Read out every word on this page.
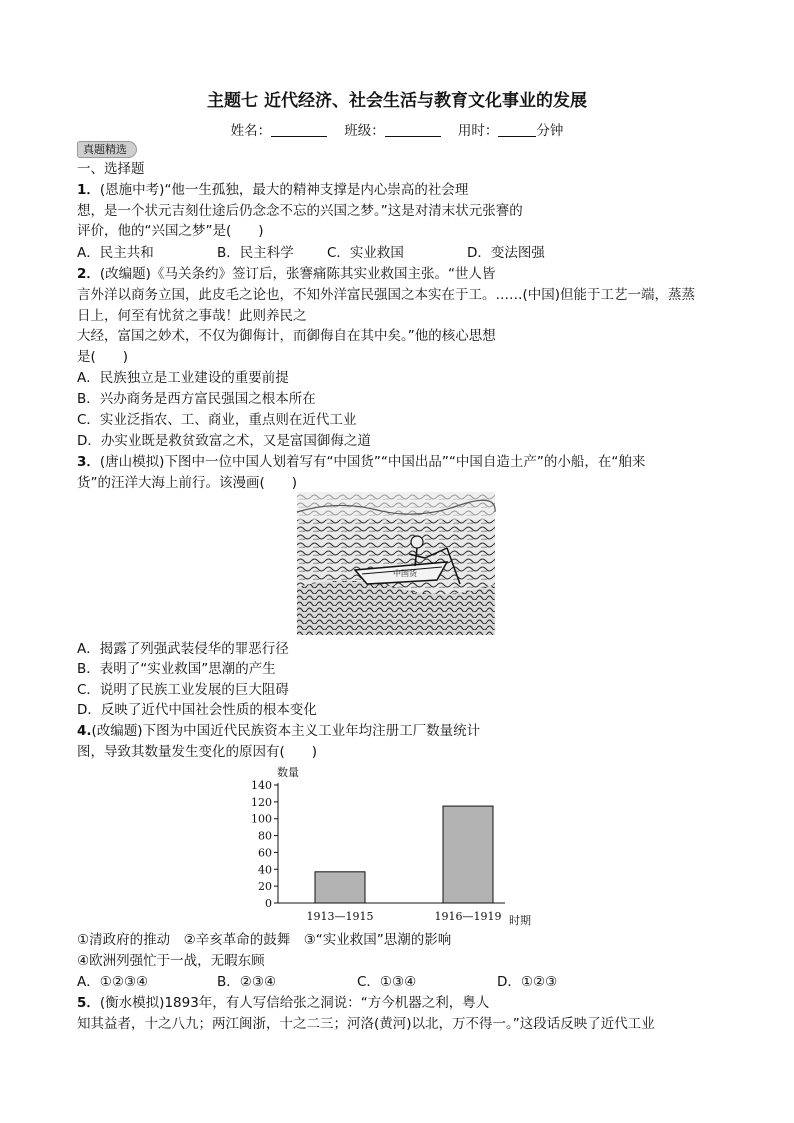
主题七 近代经济、社会生活与教育文化事业的发展
姓名：	班级：	用时：	分钟
真题精选
一、选择题
1．(恩施中考)“他一生孤独，最大的精神支撑是内心崇高的社会理
想，是一个状元吉刻仕途后仍念念不忘的兴国之梦。”这是对清末状元张謇的
评价，他的“兴国之梦”是(　　)
A．民主共和	B．民主科学 C．实业救国	D．变法图强
2．(改编题)《马关条约》签订后，张謇痛陈其实业救国主张。“世人皆
言外洋以商务立国，此皮毛之论也，不知外洋富民强国之本实在于工。……(中国)但能于工艺一端，蒸蒸
日上，何至有忧贫之事哉！此则养民之
大经，富国之妙术，不仅为御侮计，而御侮自在其中矣。”他的核心思想
是(　　)
A．民族独立是工业建设的重要前提
B．兴办商务是西方富民强国之根本所在
C．实业泛指农、工、商业，重点则在近代工业
D．办实业既是救贫致富之术，又是富国御侮之道
3．(唐山模拟)下图中一位中国人划着写有“中国货”“中国出品”“中国自造土产”的小船，在“舶来
货”的汪洋大海上前行。该漫画(　　)
中国货
A．揭露了列强武装侵华的罪恶行径
B．表明了“实业救国”思潮的产生
C．说明了民族工业发展的巨大阻碍
D．反映了近代中国社会性质的根本变化
4.(改编题)下图为中国近代民族资本主义工业年均注册工厂数量统计
图，导致其数量发生变化的原因有(　　)
数量
时期
0
20
40
60
80
100
120
140
1913—1915	1916—1919
①清政府的推动　②辛亥革命的鼓舞　③“实业救国”思潮的影响
④欧洲列强忙于一战，无暇东顾
A．①②③④	B．②③④	C．①③④	D．①②③
5．(衡水模拟)1893年，有人写信给张之洞说：“方今机器之利，粤人
知其益者，十之八九；两江闽浙，十之二三；河洛(黄河)以北，万不得一。”这段话反映了近代工业
